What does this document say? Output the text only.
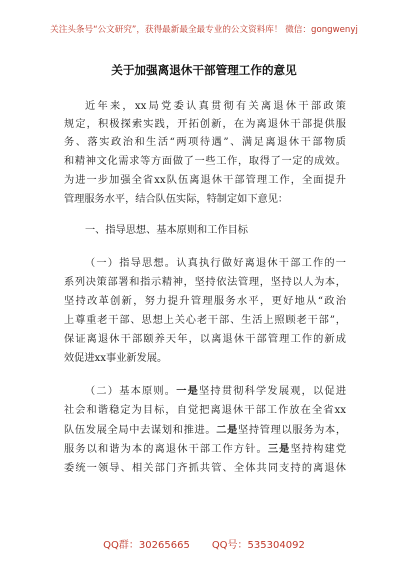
关注头条号“公文研究”，获得最新最全最专业的公文资料库！ 微信：gongwenyj
关于加强离退休干部管理工作的意见
近年来，xx局党委认真贯彻有关离退休干部政策
规定，积极探索实践，开拓创新，在为离退休干部提供服
务、落实政治和生活“两项待遇”、满足离退休干部物质
和精神文化需求等方面做了一些工作，取得了一定的成效。
为进一步加强全省xx队伍离退休干部管理工作，全面提升
管理服务水平，结合队伍实际，特制定如下意见：
一、指导思想、基本原则和工作目标
（一）指导思想。认真执行做好离退休干部工作的一
系列决策部署和指示精神，坚持依法管理，坚持以人为本，
坚持改革创新，努力提升管理服务水平，更好地从“政治
上尊重老干部、思想上关心老干部、生活上照顾老干部”，
保证离退休干部颐养天年，以离退休干部管理工作的新成
效促进xx事业新发展。
（二）基本原则。一是坚持贯彻科学发展观，以促进
社会和谐稳定为目标，自觉把离退休干部工作放在全省xx
队伍发展全局中去谋划和推进。二是坚持管理以服务为本，
服务以和谐为本的离退休干部工作方针。三是坚持构建党
委统一领导、相关部门齐抓共管、全体共同支持的离退休
QQ群：30265665 QQ号：535304092
